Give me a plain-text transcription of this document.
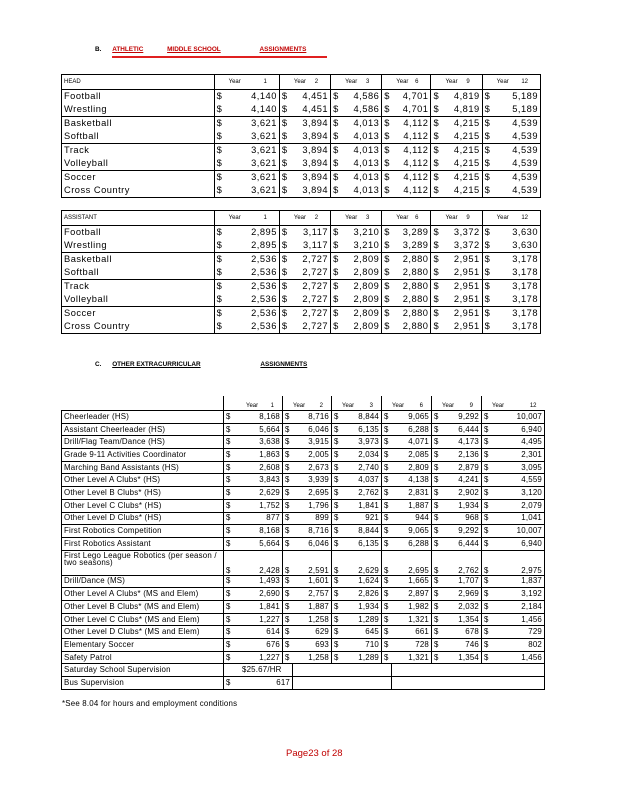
B. ATHLETIC	MIDDLE SCHOOL	ASSIGNMENTS
HEAD	Year 1		Year 2		Year 3		Year 6		Year 9		Year 12	

Football	$	4,140	$	4,451	$	4,586	$	4,701	$	4,819	$	5,189
Wrestling	$	4,140	$	4,451	$	4,586	$	4,701	$	4,819	$	5,189
Basketball	$	3,621	$	3,894	$	4,013	$	4,112	$	4,215	$	4,539
Softball	$	3,621	$	3,894	$	4,013	$	4,112	$	4,215	$	4,539
Track	$	3,621	$	3,894	$	4,013	$	4,112	$	4,215	$	4,539
Volleyball	$	3,621	$	3,894	$	4,013	$	4,112	$	4,215	$	4,539
Soccer	$	3,621	$	3,894	$	4,013	$	4,112	$	4,215	$	4,539
Cross Country	$	3,621	$	3,894	$	4,013	$	4,112	$	4,215	$	4,539
ASSISTANT	Year 1		Year 2		Year 3		Year 6		Year 9		Year 12	

Football	$	2,895	$	3,117	$	3,210	$	3,289	$	3,372	$	3,630
Wrestling	$	2,895	$	3,117	$	3,210	$	3,289	$	3,372	$	3,630
Basketball	$	2,536	$	2,727	$	2,809	$	2,880	$	2,951	$	3,178
Softball	$	2,536	$	2,727	$	2,809	$	2,880	$	2,951	$	3,178
Track	$	2,536	$	2,727	$	2,809	$	2,880	$	2,951	$	3,178
Volleyball	$	2,536	$	2,727	$	2,809	$	2,880	$	2,951	$	3,178
Soccer	$	2,536	$	2,727	$	2,809	$	2,880	$	2,951	$	3,178
Cross Country	$	2,536	$	2,727	$	2,809	$	2,880	$	2,951	$	3,178
C. OTHER EXTRACURRICULAR	ASSIGNMENTS

	Year 1		Year 2		Year 3		Year 6		Year 9		Year 12	

Cheerleader (HS)	$	8,168	$	8,716	$	8,844	$	9,065	$	9,292	$	10,007
Assistant Cheerleader (HS)	$	5,664	$	6,046	$	6,135	$	6,288	$	6,444	$	6,940
Drill/Flag Team/Dance (HS)	$	3,638	$	3,915	$	3,973	$	4,071	$	4,173	$	4,495
Grade 9-11 Activities Coordinator	$	1,863	$	2,005	$	2,034	$	2,085	$	2,136	$	2,301
Marching Band Assistants (HS)	$	2,608	$	2,673	$	2,740	$	2,809	$	2,879	$	3,095
Other Level A Clubs* (HS)	$	3,843	$	3,939	$	4,037	$	4,138	$	4,241	$	4,559
Other Level B Clubs* (HS)	$	2,629	$	2,695	$	2,762	$	2,831	$	2,902	$	3,120
Other Level C Clubs* (HS)	$	1,752	$	1,796	$	1,841	$	1,887	$	1,934	$	2,079
Other Level D Clubs* (HS)	$	877	$	899	$	921	$	944	$	968	$	1,041
First Robotics Competition	$	8,168	$	8,716	$	8,844	$	9,065	$	9,292	$	10,007
First Robotics Assistant	$	5,664	$	6,046	$	6,135	$	6,288	$	6,444	$	6,940
First Lego League Robotics (per season / two seasons)	$	2,428	$	2,591	$	2,629	$	2,695	$	2,762	$	2,975
Drill/Dance (MS)	$	1,493	$	1,601	$	1,624	$	1,665	$	1,707	$	1,837
Other Level A Clubs* (MS and Elem)	$	2,690	$	2,757	$	2,826	$	2,897	$	2,969	$	3,192
Other Level B Clubs* (MS and Elem)	$	1,841	$	1,887	$	1,934	$	1,982	$	2,032	$	2,184
Other Level C Clubs* (MS and Elem)	$	1,227	$	1,258	$	1,289	$	1,321	$	1,354	$	1,456
Other Level D Clubs* (MS and Elem)	$	614	$	629	$	645	$	661	$	678	$	729
Elementary Soccer	$	676	$	693	$	710	$	728	$	746	$	802
Safety Patrol	$	1,227	$	1,258	$	1,289	$	1,321	$	1,354	$	1,456
Saturday School Supervision	$25.67/HR											
Bus Supervision	$	617										
*See 8.04 for hours and employment conditions
Page23 of 28
